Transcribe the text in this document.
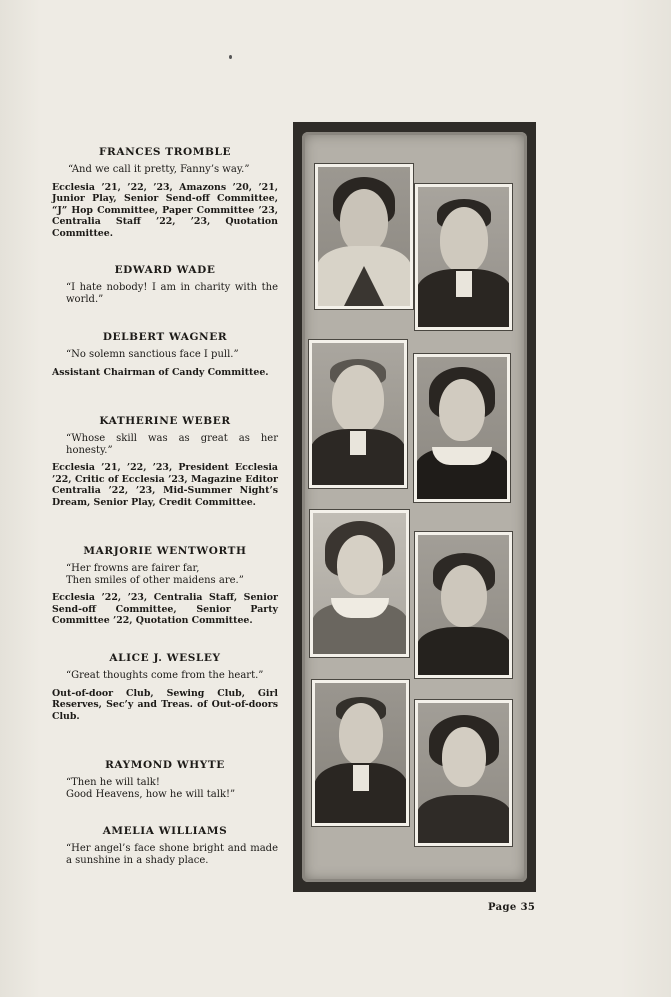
FRANCES TROMBLE
“And we call it pretty, Fanny’s way.”
Ecclesia ’21, ’22, ’23, Amazons ’20, ’21, Junior Play, Senior Send-off Committee, “J” Hop Committee, Paper Committee ’23, Centralia Staff ’22, ’23, Quotation Committee.
EDWARD WADE
“I hate nobody! I am in charity with the world.”
DELBERT WAGNER
“No solemn sanctious face I pull.”
Assistant Chairman of Candy Committee.
KATHERINE WEBER
“Whose skill was as great as her honesty.”
Ecclesia ’21, ’22, ’23, President Ecclesia ’22, Critic of Ecclesia ’23, Magazine Editor Centralia ’22, ’23, Mid-Summer Night’s Dream, Senior Play, Credit Committee.
MARJORIE WENTWORTH
“Her frowns are fairer far,
Then smiles of other maidens are.”
Ecclesia ’22, ’23, Centralia Staff, Senior Send-off Committee, Senior Party Committee ’22, Quotation Committee.
ALICE J. WESLEY
“Great thoughts come from the heart.”
Out-of-door Club, Sewing Club, Girl Reserves, Sec’y and Treas. of Out-of-doors Club.
RAYMOND WHYTE
“Then he will talk!
Good Heavens, how he will talk!”
AMELIA WILLIAMS
“Her angel’s face shone bright and made a sunshine in a shady place.
Page 35
